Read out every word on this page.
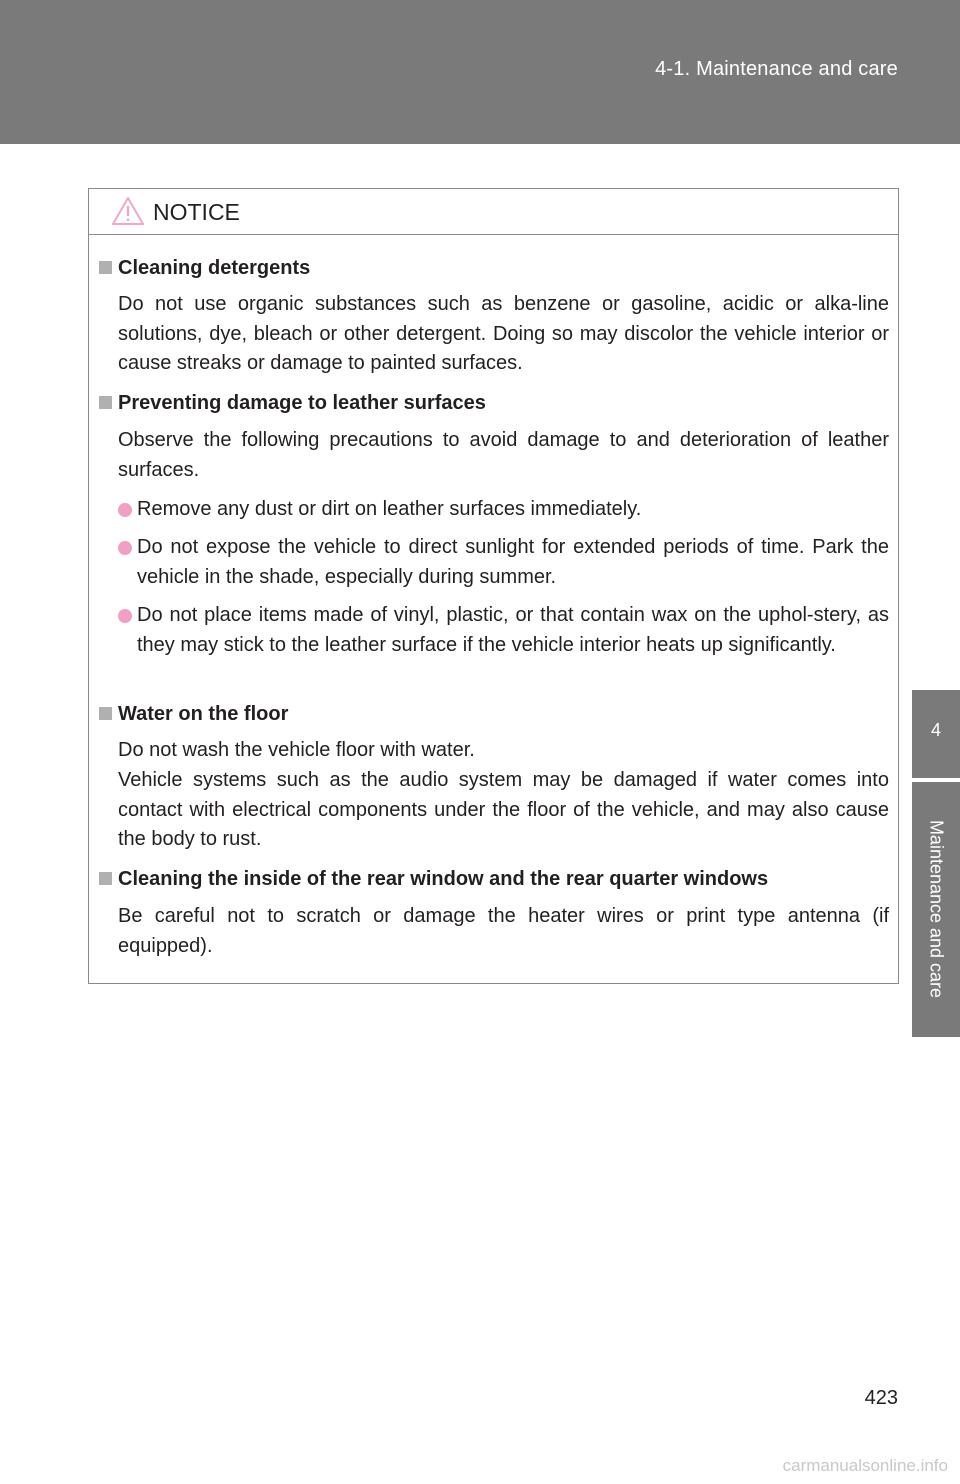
4-1. Maintenance and care
4
Maintenance and care
NOTICE
Cleaning detergents
Do not use organic substances such as benzene or gasoline, acidic or alka-line solutions, dye, bleach or other detergent. Doing so may discolor the vehicle interior or cause streaks or damage to painted surfaces.
Preventing damage to leather surfaces
Observe the following precautions to avoid damage to and deterioration of leather surfaces.
Remove any dust or dirt on leather surfaces immediately.
Do not expose the vehicle to direct sunlight for extended periods of time. Park the vehicle in the shade, especially during summer.
Do not place items made of vinyl, plastic, or that contain wax on the uphol-stery, as they may stick to the leather surface if the vehicle interior heats up significantly.
Water on the floor
Do not wash the vehicle floor with water.
Vehicle systems such as the audio system may be damaged if water comes into contact with electrical components under the floor of the vehicle, and may also cause the body to rust.
Cleaning the inside of the rear window and the rear quarter windows
Be careful not to scratch or damage the heater wires or print type antenna (if equipped).
423
carmanualsonline.info
